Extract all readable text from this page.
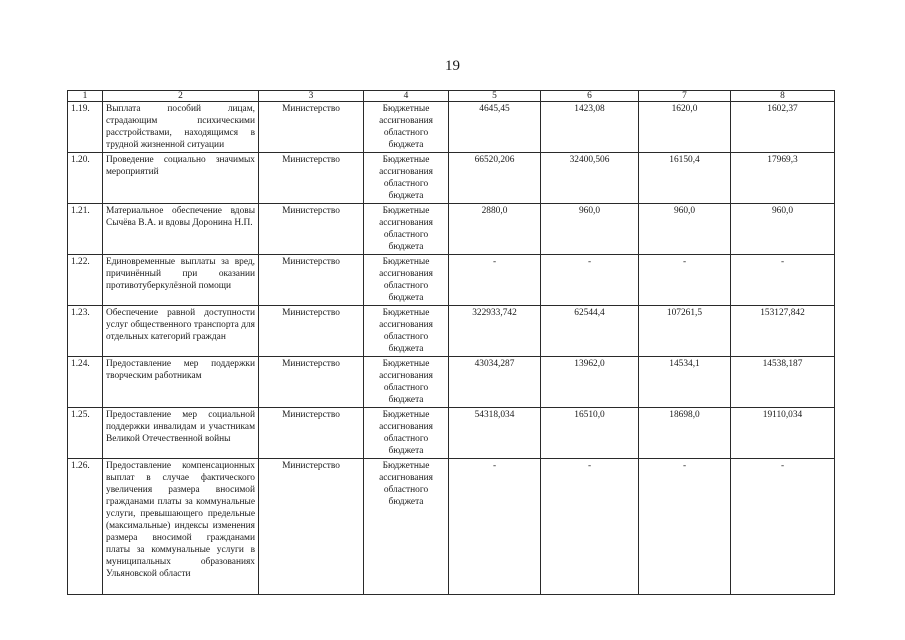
19
1	2	3	4	5	6	7	8
1.19.	Выплата пособий лицам, страдающим психическими расстройствами, находящимся в трудной жизненной ситуации	Министерство	Бюджетные ассигнования областного бюджета	4645,45	1423,08	1620,0	1602,37
1.20.	Проведение социально значимых мероприятий	Министерство	Бюджетные ассигнования областного бюджета	66520,206	32400,506	16150,4	17969,3
1.21.	Материальное обеспечение вдовы Сычёва В.А. и вдовы Доронина Н.П.	Министерство	Бюджетные ассигнования областного бюджета	2880,0	960,0	960,0	960,0
1.22.	Единовременные выплаты за вред, причинённый при оказании противотуберкулёзной помощи	Министерство	Бюджетные ассигнования областного бюджета	-	-	-	-
1.23.	Обеспечение равной доступности услуг общественного транспорта для отдельных категорий граждан	Министерство	Бюджетные ассигнования областного бюджета	322933,742	62544,4	107261,5	153127,842
1.24.	Предоставление мер поддержки творческим работникам	Министерство	Бюджетные ассигнования областного бюджета	43034,287	13962,0	14534,1	14538,187
1.25.	Предоставление мер социальной поддержки инвалидам и участникам Великой Отечественной войны	Министерство	Бюджетные ассигнования областного бюджета	54318,034	16510,0	18698,0	19110,034
1.26.	Предоставление компенсационных выплат в случае фактического увеличения размера вносимой гражданами платы за коммунальные услуги, превышающего предельные (максимальные) индексы изменения размера вносимой гражданами платы за коммунальные услуги в муниципальных образованиях Ульяновской области	Министерство	Бюджетные ассигнования областного бюджета	-	-	-	-
